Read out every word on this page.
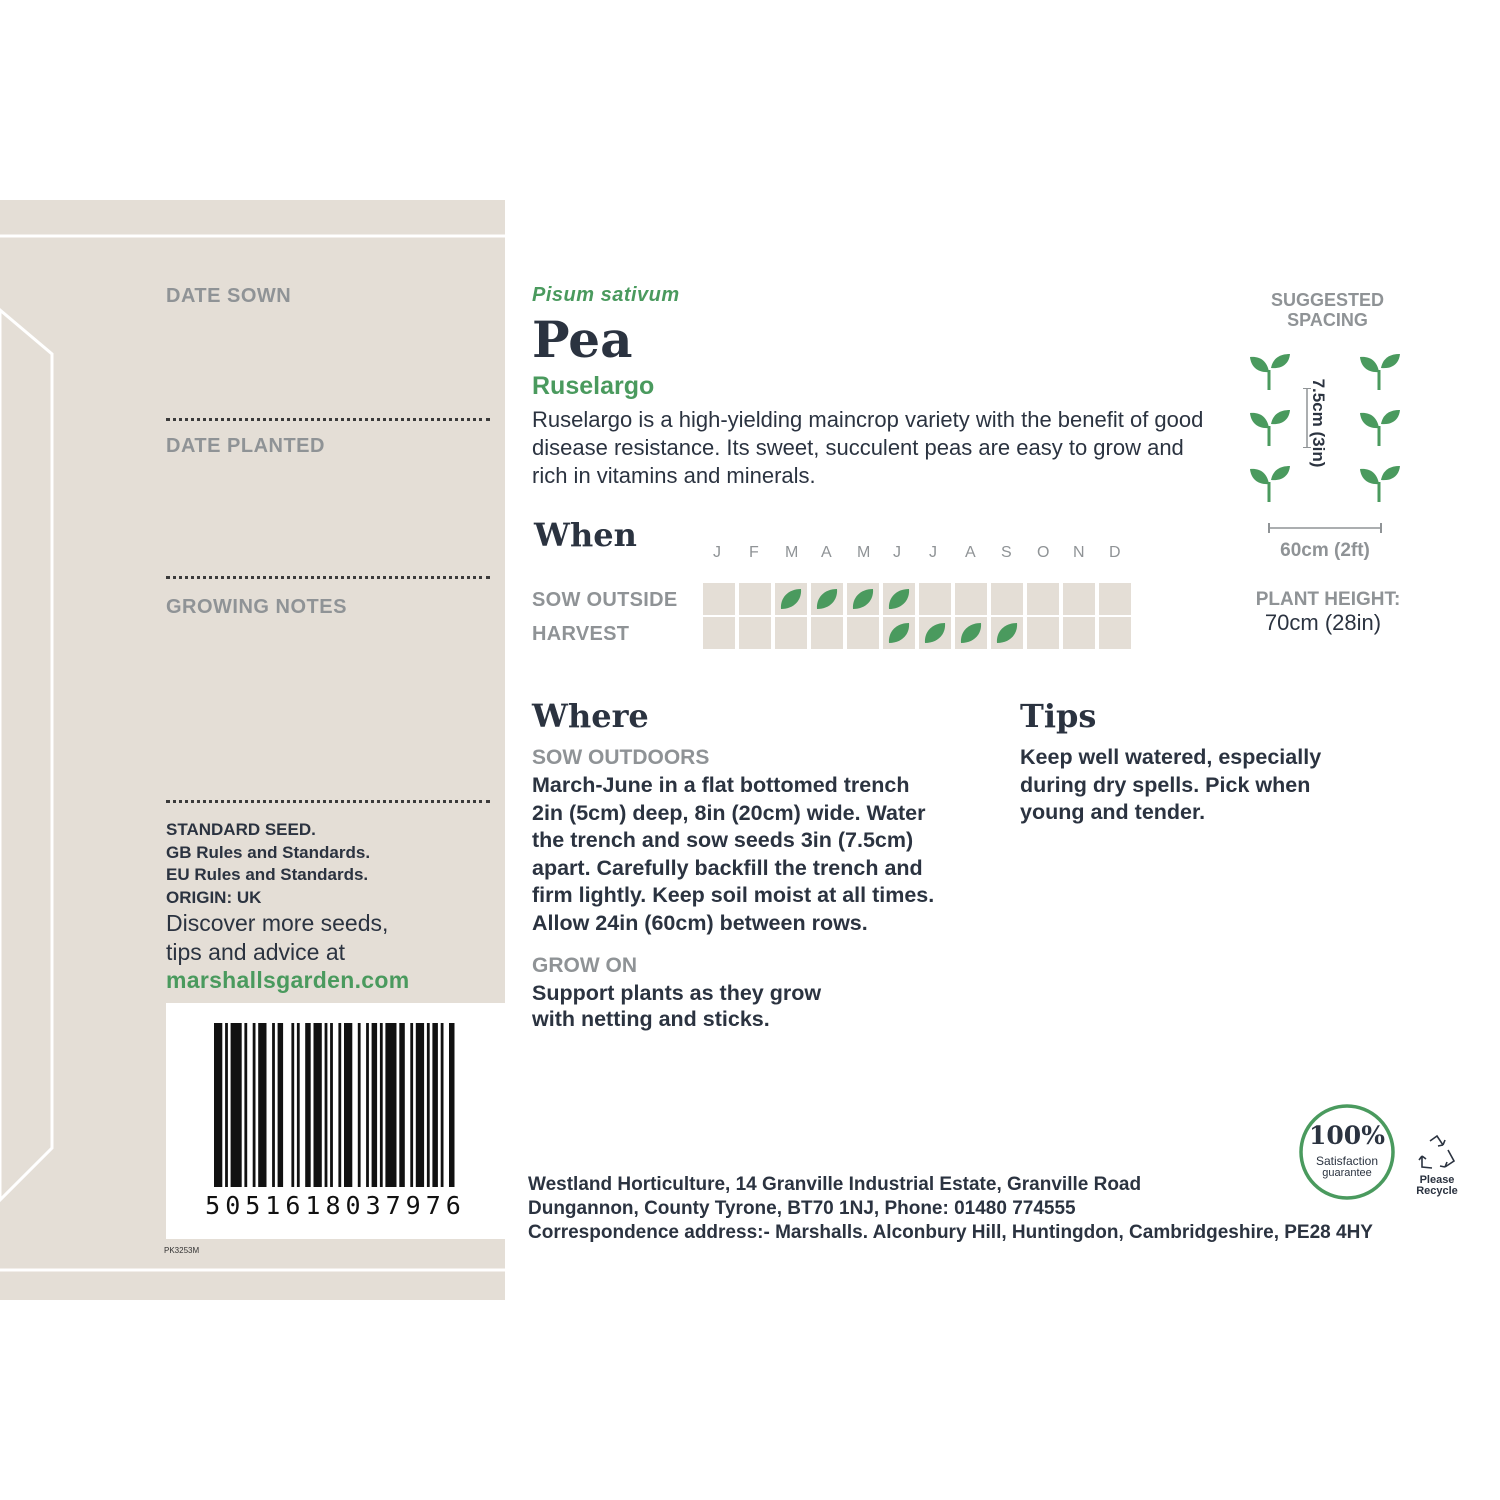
DATE SOWN
DATE PLANTED
GROWING NOTES
STANDARD SEED.
GB Rules and Standards.
EU Rules and Standards.
ORIGIN: UK
Discover more seeds,
tips and advice at
marshallsgarden.com
5051618037976
PK3253M
Pisum sativum
Pea
Ruselargo
Ruselargo is a high-yielding maincrop variety with the benefit of good disease resistance. Its sweet, succulent peas are easy to grow and rich in vitamins and minerals.
When	J F M A M J J A S O N D
SOW OUTSIDE
HARVEST
Where
SOW OUTDOORS
March-June in a flat bottomed trench
2in (5cm) deep, 8in (20cm) wide. Water
the trench and sow seeds 3in (7.5cm)
apart. Carefully backfill the trench and
firm lightly. Keep soil moist at all times.
Allow 24in (60cm) between rows.
GROW ON
Support plants as they grow
with netting and sticks.
Tips
Keep well watered, especially
during dry spells. Pick when
young and tender.
SUGGESTED
SPACING
7.5cm (3in)
60cm (2ft)
PLANT HEIGHT:
70cm (28in)
100%
Satisfaction
guarantee
Please
Recycle
Westland Horticulture, 14 Granville Industrial Estate, Granville Road
Dungannon, County Tyrone, BT70 1NJ, Phone: 01480 774555
Correspondence address:- Marshalls. Alconbury Hill, Huntingdon, Cambridgeshire, PE28 4HY
